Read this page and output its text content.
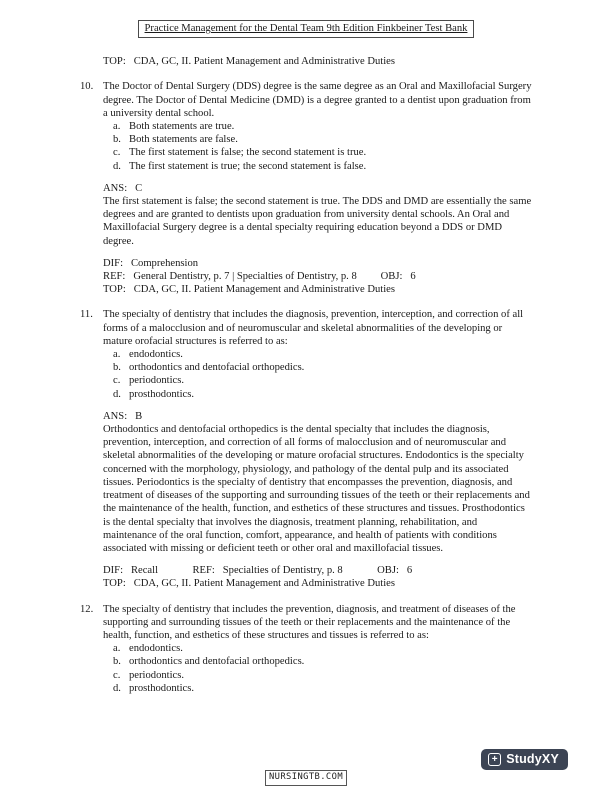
Practice Management for the Dental Team 9th Edition Finkbeiner Test Bank
TOP:   CDA, GC, II. Patient Management and Administrative Duties
10. The Doctor of Dental Surgery (DDS) degree is the same degree as an Oral and Maxillofacial Surgery degree. The Doctor of Dental Medicine (DMD) is a degree granted to a dentist upon graduation from a university dental school.
a. Both statements are true.
b. Both statements are false.
c. The first statement is false; the second statement is true.
d. The first statement is true; the second statement is false.
ANS:   C
The first statement is false; the second statement is true. The DDS and DMD are essentially the same degrees and are granted to dentists upon graduation from university dental schools. An Oral and Maxillofacial Surgery degree is a dental specialty requiring education beyond a DDS or DMD degree.
DIF:   Comprehension
REF:   General Dentistry, p. 7 | Specialties of Dentistry, p. 8         OBJ:   6
TOP:   CDA, GC, II. Patient Management and Administrative Duties
11. The specialty of dentistry that includes the diagnosis, prevention, interception, and correction of all forms of a malocclusion and of neuromuscular and skeletal abnormalities of the developing or mature orofacial structures is referred to as:
a. endodontics.
b. orthodontics and dentofacial orthopedics.
c. periodontics.
d. prosthodontics.
ANS:   B
Orthodontics and dentofacial orthopedics is the dental specialty that includes the diagnosis, prevention, interception, and correction of all forms of malocclusion and of neuromuscular and skeletal abnormalities of the developing or mature orofacial structures. Endodontics is the specialty concerned with the morphology, physiology, and pathology of the dental pulp and its associated tissues. Periodontics is the specialty of dentistry that encompasses the prevention, diagnosis, and treatment of diseases of the supporting and surrounding tissues of the teeth or their replacements and the maintenance of the health, function, and esthetics of these structures and tissues. Prosthodontics is the dental specialty that involves the diagnosis, treatment planning, rehabilitation, and maintenance of the oral function, comfort, appearance, and health of patients with conditions associated with missing or deficient teeth or other oral and maxillofacial tissues.
DIF:   Recall             REF:   Specialties of Dentistry, p. 8             OBJ:   6
TOP:   CDA, GC, II. Patient Management and Administrative Duties
12. The specialty of dentistry that includes the prevention, diagnosis, and treatment of diseases of the supporting and surrounding tissues of the teeth or their replacements and the maintenance of the health, function, and esthetics of these structures and tissues is referred to as:
a. endodontics.
b. orthodontics and dentofacial orthopedics.
c. periodontics.
d. prosthodontics.
+ StudyXY
NURSINGTB.COM
